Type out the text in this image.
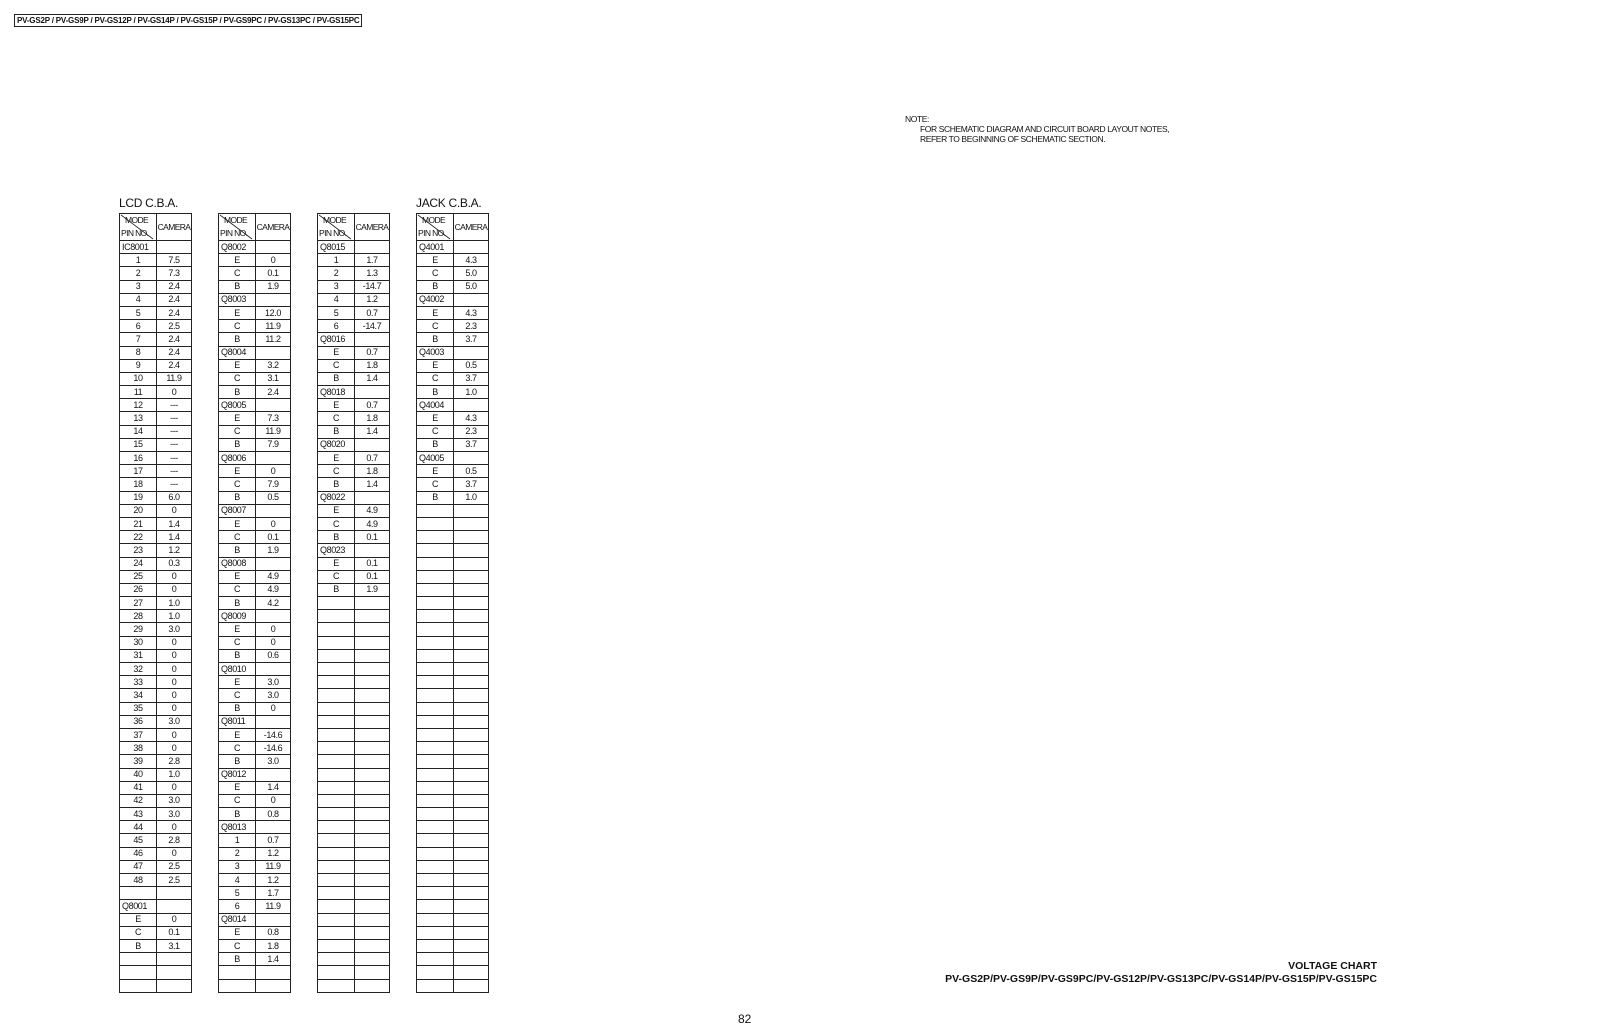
PV-GS2P / PV-GS9P / PV-GS12P / PV-GS14P / PV-GS15P / PV-GS9PC / PV-GS13PC / PV-GS15PC
NOTE:
FOR SCHEMATIC DIAGRAM AND CIRCUIT BOARD LAYOUT NOTES,
REFER TO BEGINNING OF SCHEMATIC SECTION.
LCD C.B.A.	JACK C.B.A.
MODE
PIN NO.	CAMERA
IC8001	
1	7.5
2	7.3
3	2.4
4	2.4
5	2.4
6	2.5
7	2.4
8	2.4
9	2.4
10	11.9
11	0
12	---
13	---
14	---
15	---
16	---
17	---
18	---
19	6.0
20	0
21	1.4
22	1.4
23	1.2
24	0.3
25	0
26	0
27	1.0
28	1.0
29	3.0
30	0
31	0
32	0
33	0
34	0
35	0
36	3.0
37	0
38	0
39	2.8
40	1.0
41	0
42	3.0
43	3.0
44	0
45	2.8
46	0
47	2.5
48	2.5

Q8001	
E	0
C	0.1
B	3.1

MODE
PIN NO.	CAMERA
Q8002	
E	0
C	0.1
B	1.9
Q8003	
E	12.0
C	11.9
B	11.2
Q8004	
E	3.2
C	3.1
B	2.4
Q8005	
E	7.3
C	11.9
B	7.9
Q8006	
E	0
C	7.9
B	0.5
Q8007	
E	0
C	0.1
B	1.9
Q8008	
E	4.9
C	4.9
B	4.2
Q8009	
E	0
C	0
B	0.6
Q8010	
E	3.0
C	3.0
B	0
Q8011	
E	-14.6
C	-14.6
B	3.0
Q8012	
E	1.4
C	0
B	0.8
Q8013	
1	0.7
2	1.2
3	11.9
4	1.2
5	1.7
6	11.9
Q8014	
E	0.8
C	1.8
B	1.4

MODE
PIN NO.	CAMERA
Q8015	
1	1.7
2	1.3
3	-14.7
4	1.2
5	0.7
6	-14.7
Q8016	
E	0.7
C	1.8
B	1.4
Q8018	
E	0.7
C	1.8
B	1.4
Q8020	
E	0.7
C	1.8
B	1.4
Q8022	
E	4.9
C	4.9
B	0.1
Q8023	
E	0.1
C	0.1
B	1.9

MODE
PIN NO.	CAMERA
Q4001	
E	4.3
C	5.0
B	5.0
Q4002	
E	4.3
C	2.3
B	3.7
Q4003	
E	0.5
C	3.7
B	1.0
Q4004	
E	4.3
C	2.3
B	3.7
Q4005	
E	0.5
C	3.7
B	1.0

VOLTAGE CHART
PV-GS2P/PV-GS9P/PV-GS9PC/PV-GS12P/PV-GS13PC/PV-GS14P/PV-GS15P/PV-GS15PC
82
